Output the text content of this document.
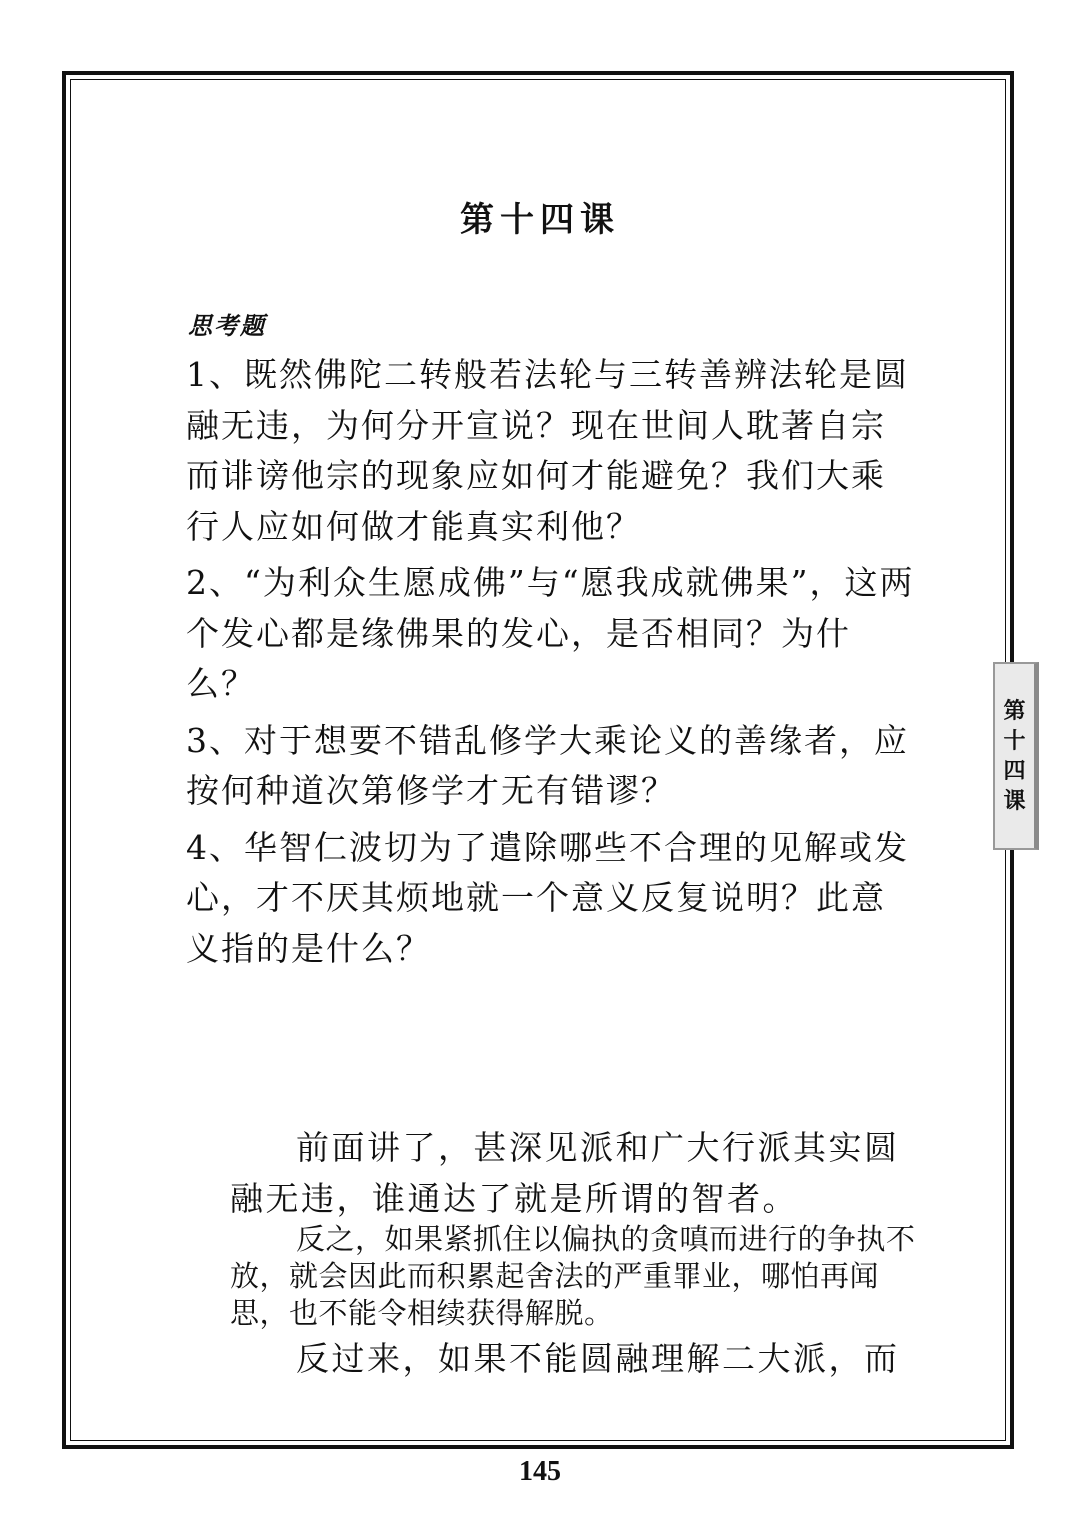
第十四课
思考题

1、既然佛陀二转般若法轮与三转善辨法轮是圆融无违，为何分开宣说？现在世间人耽著自宗而诽谤他宗的现象应如何才能避免？我们大乘行人应如何做才能真实利他？

2、“为利众生愿成佛”与“愿我成就佛果”，这两个发心都是缘佛果的发心，是否相同？为什么？

3、对于想要不错乱修学大乘论义的善缘者，应按何种道次第修学才无有错谬？

4、华智仁波切为了遣除哪些不合理的见解或发心，才不厌其烦地就一个意义反复说明？此意义指的是什么？

前面讲了，甚深见派和广大行派其实圆融无违，谁通达了就是所谓的智者。
反之，如果紧抓住以偏执的贪嗔而进行的争执不放，就会因此而积累起舍法的严重罪业，哪怕再闻思，也不能令相续获得解脱。
反过来，如果不能圆融理解二大派，而
第
十
四
课
145
